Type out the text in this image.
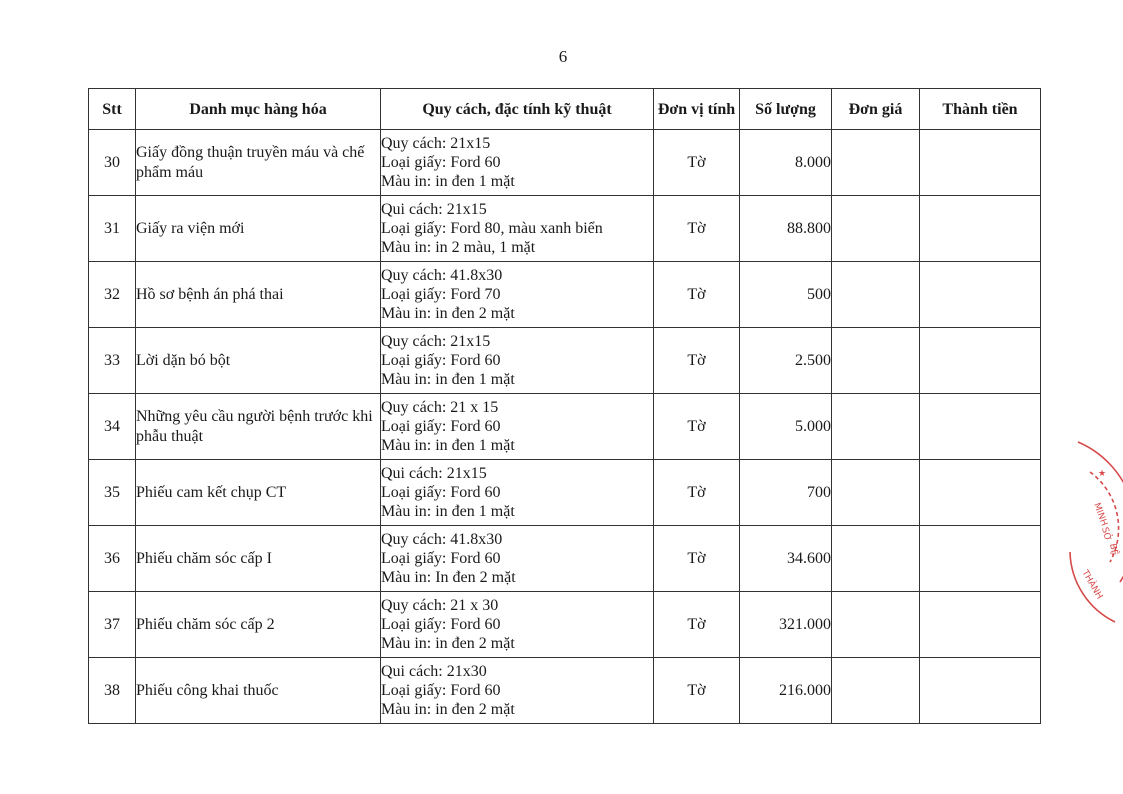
6
Stt	Danh mục hàng hóa	Quy cách, đặc tính kỹ thuật	Đơn vị tính	Số lượng	Đơn giá	Thành tiền
30	Giấy đồng thuận truyền máu và chế phẩm máu	Quy cách: 21x15
Loại giấy: Ford 60
Màu in: in đen 1 mặt	Tờ	8.000		
31	Giấy ra viện mới	Qui cách: 21x15
Loại giấy: Ford 80, màu xanh biển
Màu in: in 2 màu, 1 mặt	Tờ	88.800		
32	Hồ sơ bệnh án phá thai	Quy cách: 41.8x30
Loại giấy: Ford 70
Màu in: in đen 2 mặt	Tờ	500		
33	Lời dặn bó bột	Quy cách: 21x15
Loại giấy: Ford 60
Màu in: in đen 1 mặt	Tờ	2.500		
34	Những yêu cầu người bệnh trước khi phẫu thuật	Quy cách: 21 x 15
Loại giấy: Ford 60
Màu in: in đen 1 mặt	Tờ	5.000		
35	Phiếu cam kết chụp CT	Qui cách: 21x15
Loại giấy: Ford 60
Màu in: in đen 1 mặt	Tờ	700		
36	Phiếu chăm sóc cấp I	Quy cách: 41.8x30
Loại giấy: Ford 60
Màu in: In đen 2 mặt	Tờ	34.600		
37	Phiếu chăm sóc cấp 2	Quy cách: 21 x 30
Loại giấy: Ford 60
Màu in: in đen 2 mặt	Tờ	321.000		
38	Phiếu công khai thuốc	Qui cách: 21x30
Loại giấy: Ford 60
Màu in: in đen 2 mặt	Tờ	216.000		
MINH
SỞ
BỆ
THÀNH
★
